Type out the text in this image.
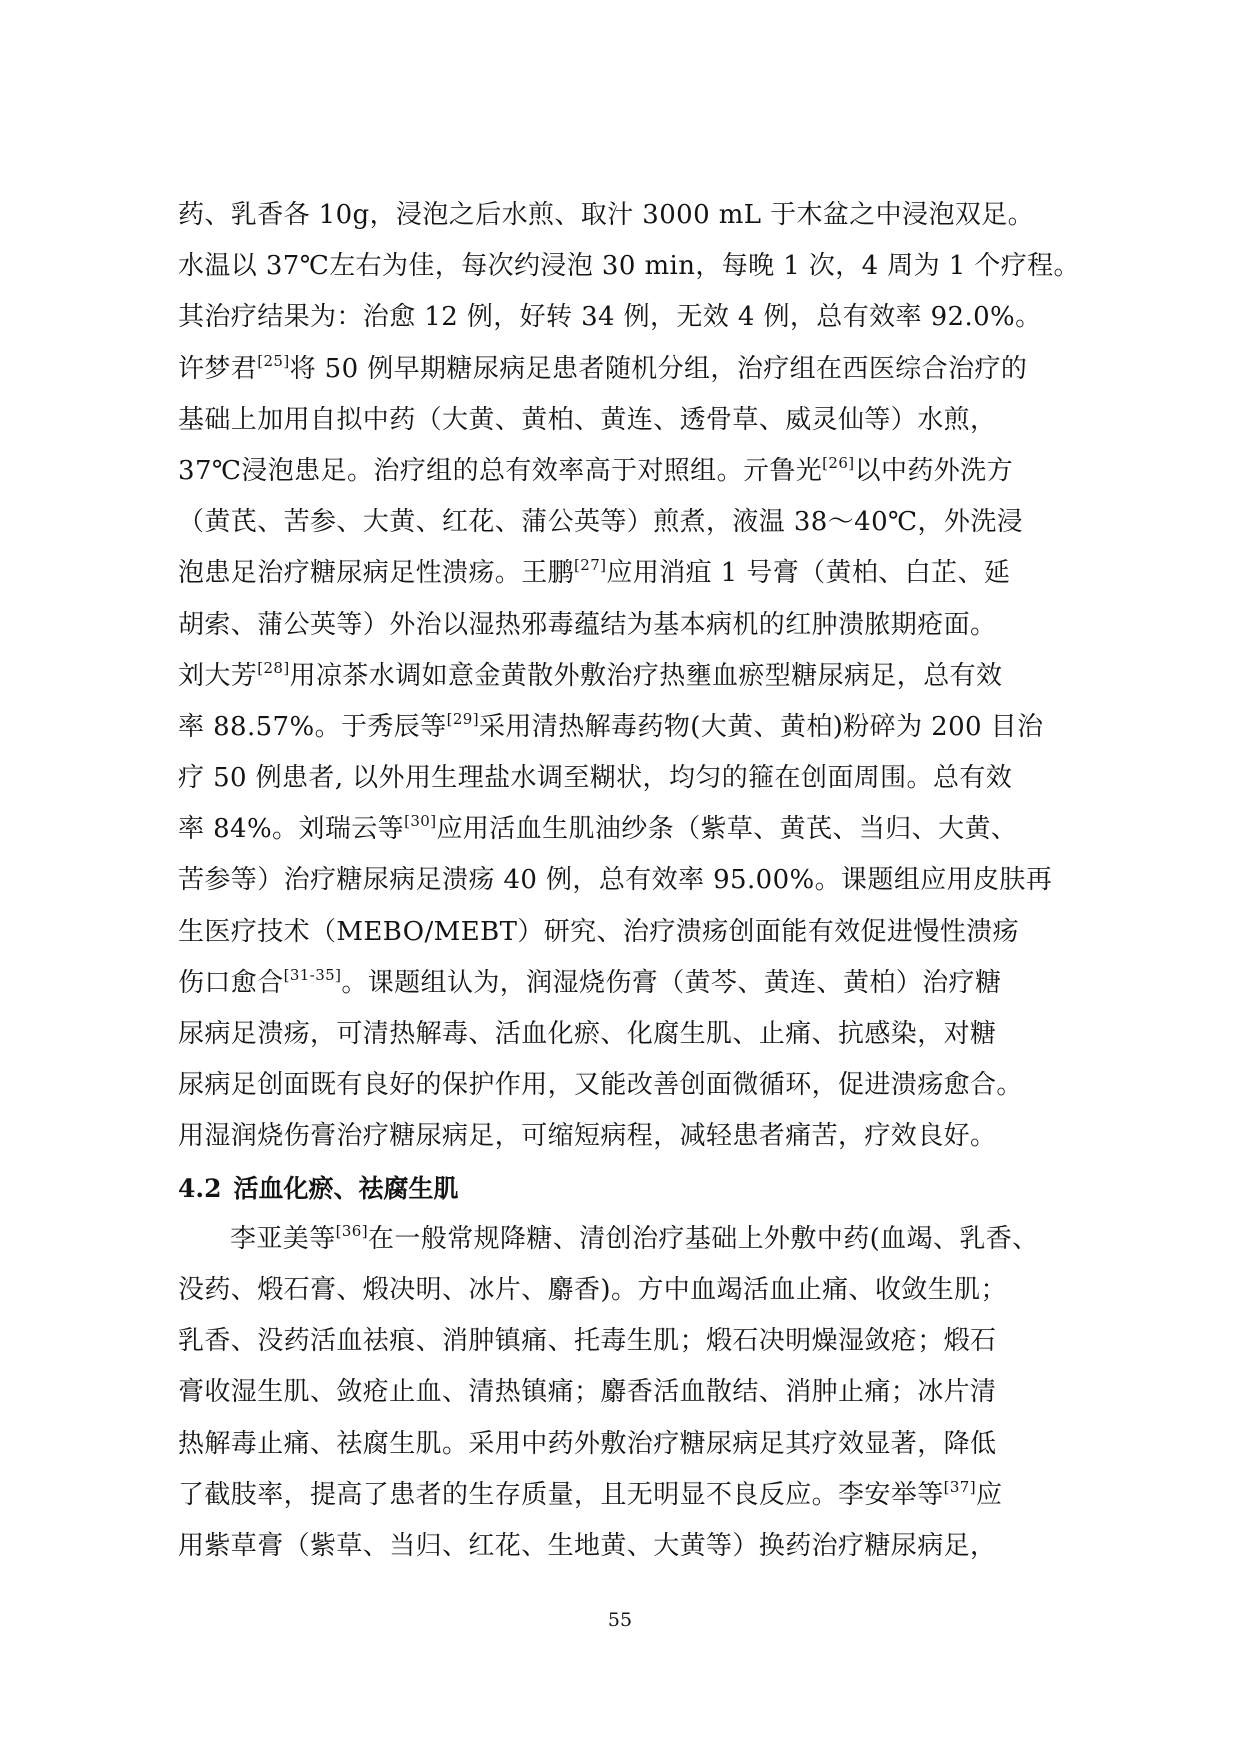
药、乳香各 10g，浸泡之后水煎、取汁 3000 mL 于木盆之中浸泡双足。
水温以 37℃左右为佳，每次约浸泡 30 min，每晚 1 次，4 周为 1 个疗程。
其治疗结果为：治愈 12 例，好转 34 例，无效 4 例，总有效率 92.0%。
许梦君[25]将 50 例早期糖尿病足患者随机分组，治疗组在西医综合治疗的
基础上加用自拟中药（大黄、黄柏、黄连、透骨草、威灵仙等）水煎，
37℃浸泡患足。治疗组的总有效率高于对照组。亓鲁光[26]以中药外洗方
（黄芪、苦参、大黄、红花、蒲公英等）煎煮，液温 38～40℃，外洗浸
泡患足治疗糖尿病足性溃疡。王鹏[27]应用消疽 1 号膏（黄柏、白芷、延
胡索、蒲公英等）外治以湿热邪毒蕴结为基本病机的红肿溃脓期疮面。
刘大芳[28]用凉茶水调如意金黄散外敷治疗热壅血瘀型糖尿病足，总有效
率 88.57%。于秀辰等[29]采用清热解毒药物(大黄、黄柏)粉碎为 200 目治
疗 50 例患者, 以外用生理盐水调至糊状，均匀的箍在创面周围。总有效
率 84%。刘瑞云等[30]应用活血生肌油纱条（紫草、黄芪、当归、大黄、
苦参等）治疗糖尿病足溃疡 40 例，总有效率 95.00%。课题组应用皮肤再
生医疗技术（MEBO/MEBT）研究、治疗溃疡创面能有效促进慢性溃疡
伤口愈合[31-35]。课题组认为，润湿烧伤膏（黄芩、黄连、黄柏）治疗糖
尿病足溃疡，可清热解毒、活血化瘀、化腐生肌、止痛、抗感染，对糖
尿病足创面既有良好的保护作用，又能改善创面微循环，促进溃疡愈合。
用湿润烧伤膏治疗糖尿病足，可缩短病程，减轻患者痛苦，疗效良好。
4.2 活血化瘀、祛腐生肌
李亚美等[36]在一般常规降糖、清创治疗基础上外敷中药(血竭、乳香、
没药、煅石膏、煅决明、冰片、麝香)。方中血竭活血止痛、收敛生肌；
乳香、没药活血祛痕、消肿镇痛、托毒生肌；煅石决明燥湿敛疮；煅石
膏收湿生肌、敛疮止血、清热镇痛；麝香活血散结、消肿止痛；冰片清
热解毒止痛、祛腐生肌。采用中药外敷治疗糖尿病足其疗效显著，降低
了截肢率，提高了患者的生存质量，且无明显不良反应。李安举等[37]应
用紫草膏（紫草、当归、红花、生地黄、大黄等）换药治疗糖尿病足，
55
